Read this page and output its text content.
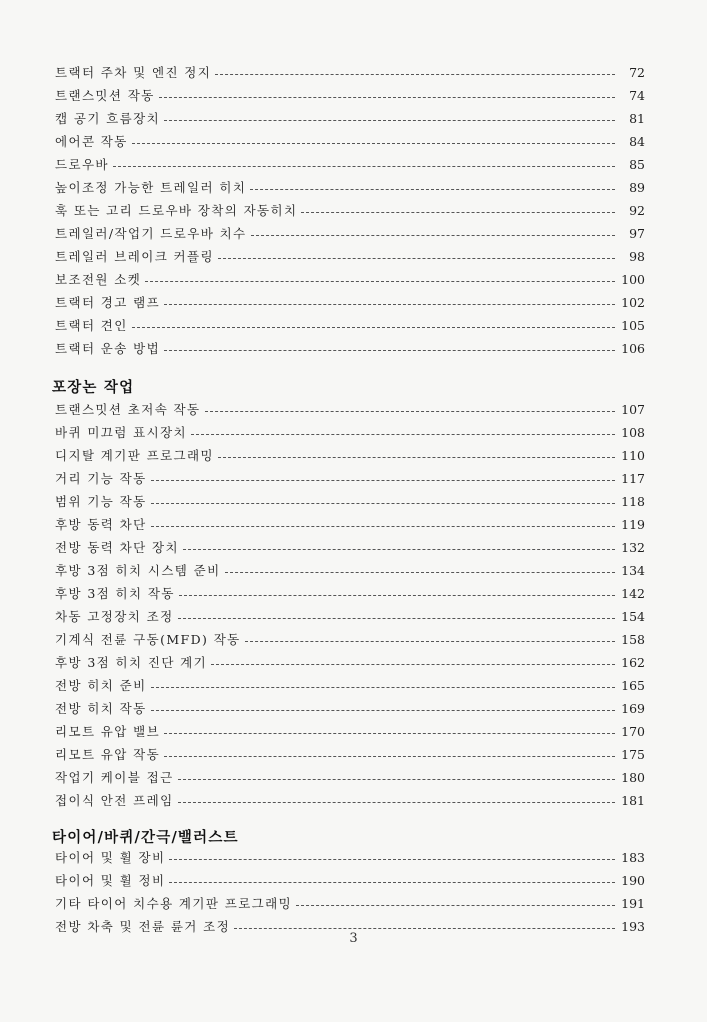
트랙터 주차 및 엔진 정지	72
트랜스밋션 작동	74
캡 공기 흐름장치	81
에어콘 작동	84
드로우바	85
높이조정 가능한 트레일러 히치	89
훅 또는 고리 드로우바 장착의 자동히치	92
트레일러/작업기 드로우바 치수	97
트레일러 브레이크 커플링	98
보조전원 소켓	100
트랙터 경고 램프	102
트랙터 견인	105
트랙터 운송 방법	106
포장논 작업
트랜스밋션 초저속 작동	107
바퀴 미끄럼 표시장치	108
디지탈 계기판 프로그래밍	110
거리 기능 작동	117
범위 기능 작동	118
후방 동력 차단	119
전방 동력 차단 장치	132
후방 3점 히치 시스템 준비	134
후방 3점 히치 작동	142
차동 고정장치 조정	154
기계식 전륜 구동(MFD) 작동	158
후방 3점 히치 진단 계기	162
전방 히치 준비	165
전방 히치 작동	169
리모트 유압 밸브	170
리모트 유압 작동	175
작업기 케이블 접근	180
접이식 안전 프레임	181
타이어/바퀴/간극/밸러스트
타이어 및 휠 장비	183
타이어 및 휠 정비	190
기타 타이어 치수용 계기판 프로그래밍	191
전방 차축 및 전륜 륜거 조정	193
3
